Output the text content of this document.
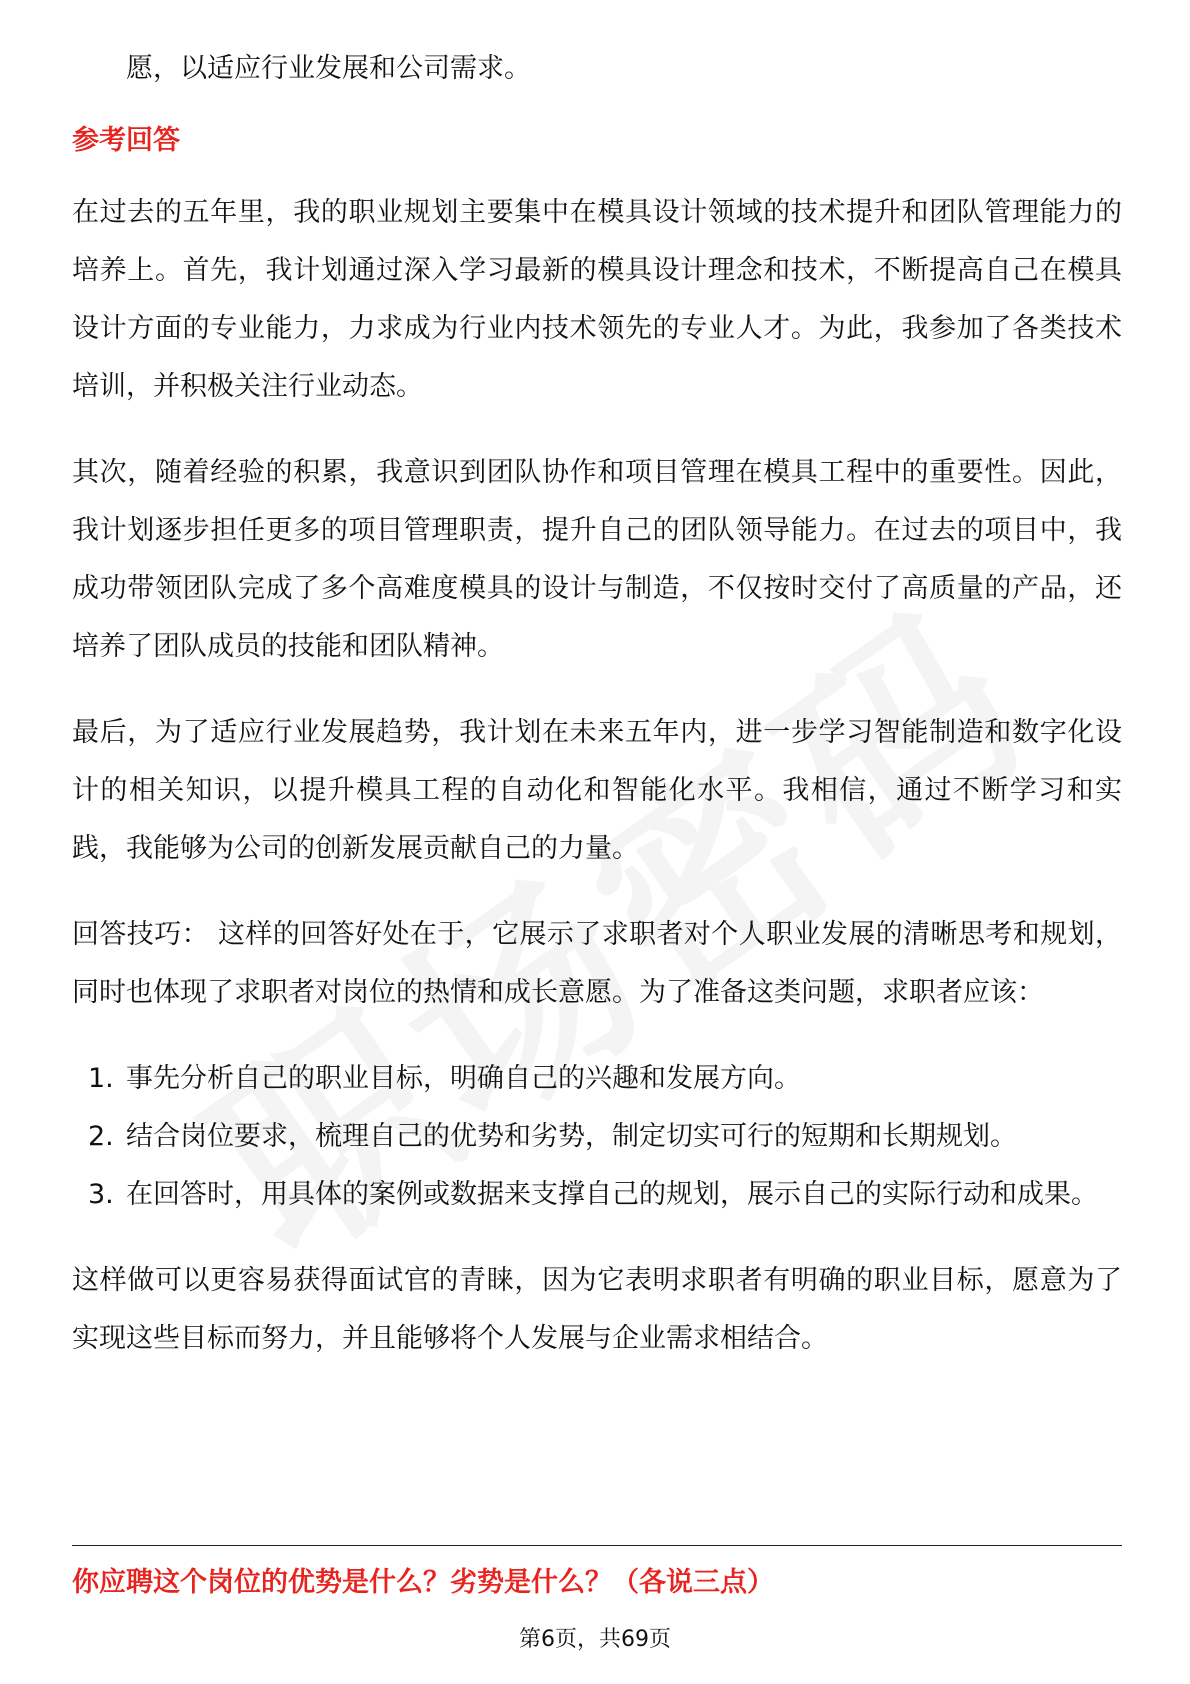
愿，以适应行业发展和公司需求。

参考回答

在过去的五年里，我的职业规划主要集中在模具设计领域的技术提升和团队管理能力的培养上。首先，我计划通过深入学习最新的模具设计理念和技术，不断提高自己在模具设计方面的专业能力，力求成为行业内技术领先的专业人才。为此，我参加了各类技术培训，并积极关注行业动态。

其次，随着经验的积累，我意识到团队协作和项目管理在模具工程中的重要性。因此，我计划逐步担任更多的项目管理职责，提升自己的团队领导能力。在过去的项目中，我成功带领团队完成了多个高难度模具的设计与制造，不仅按时交付了高质量的产品，还培养了团队成员的技能和团队精神。

最后，为了适应行业发展趋势，我计划在未来五年内，进一步学习智能制造和数字化设计的相关知识，以提升模具工程的自动化和智能化水平。我相信，通过不断学习和实践，我能够为公司的创新发展贡献自己的力量。

回答技巧： 这样的回答好处在于，它展示了求职者对个人职业发展的清晰思考和规划，同时也体现了求职者对岗位的热情和成长意愿。为了准备这类问题，求职者应该：

1. 事先分析自己的职业目标，明确自己的兴趣和发展方向。
2. 结合岗位要求，梳理自己的优势和劣势，制定切实可行的短期和长期规划。
3. 在回答时，用具体的案例或数据来支撑自己的规划，展示自己的实际行动和成果。

这样做可以更容易获得面试官的青睐，因为它表明求职者有明确的职业目标，愿意为了实现这些目标而努力，并且能够将个人发展与企业需求相结合。

你应聘这个岗位的优势是什么？劣势是什么？（各说三点）
第6页，共69页
